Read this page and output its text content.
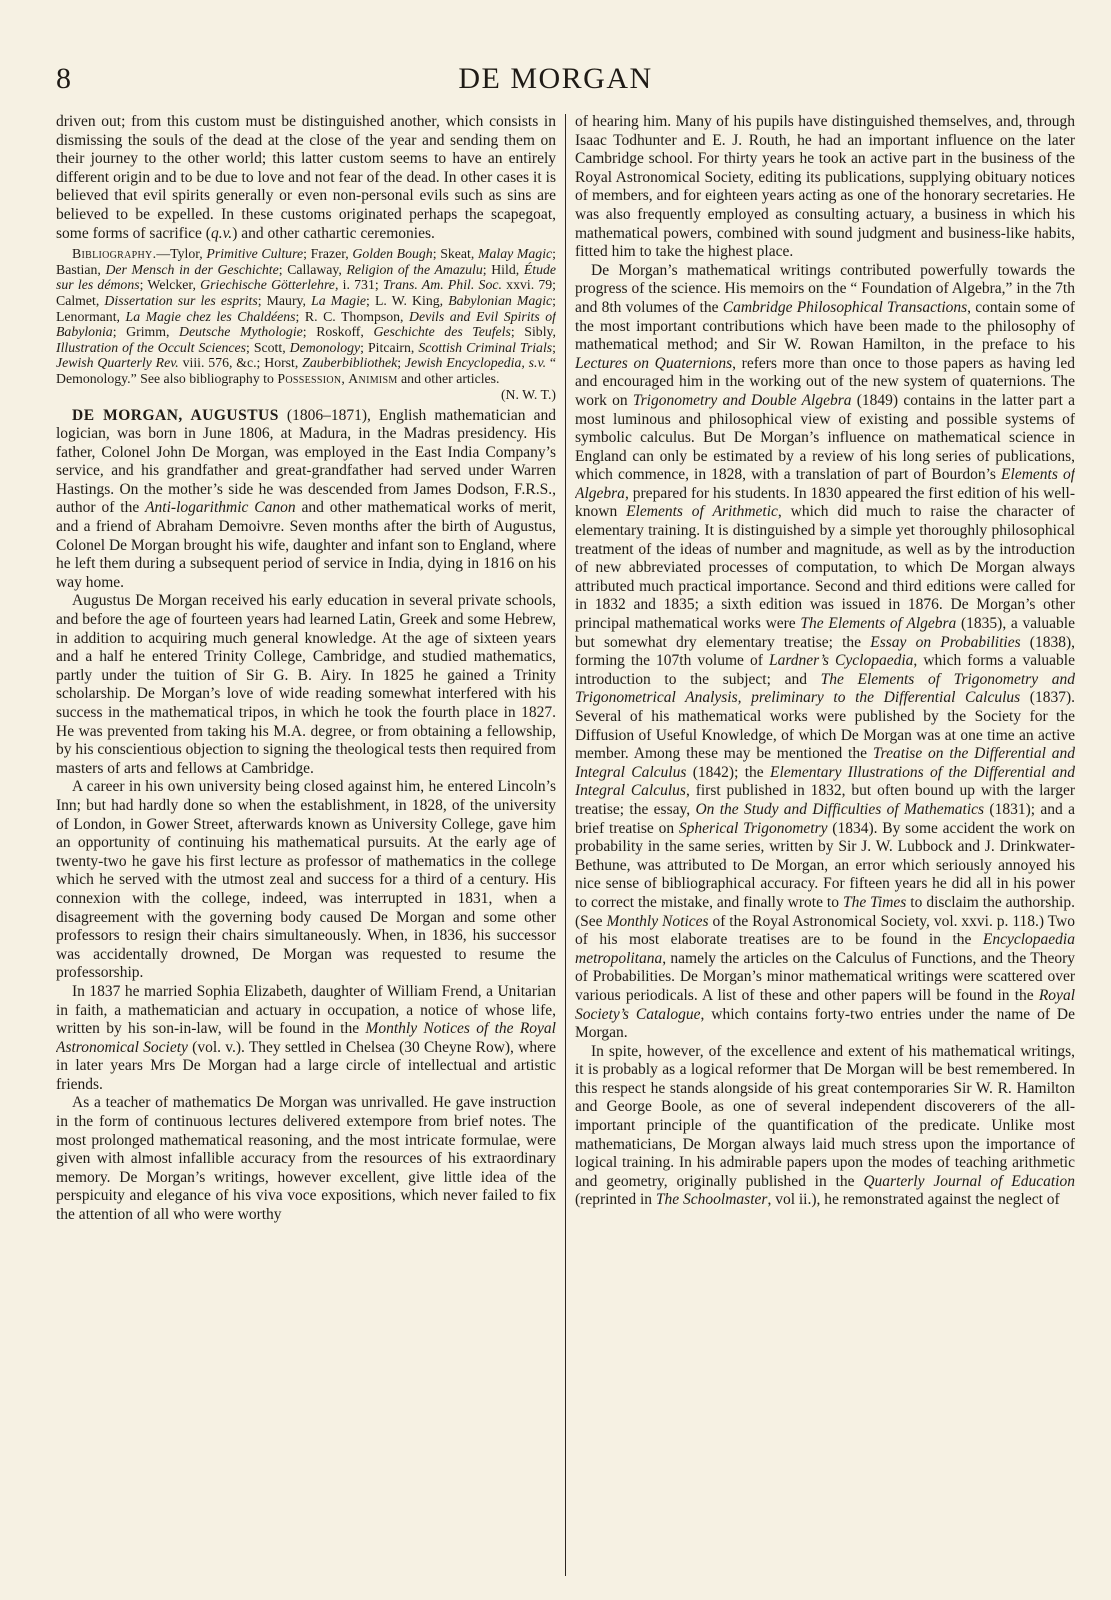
8	DE MORGAN

driven out; from this custom must be distinguished another, which consists in dismissing the souls of the dead at the close of the year and sending them on their journey to the other world; this latter custom seems to have an entirely different origin and to be due to love and not fear of the dead. In other cases it is believed that evil spirits generally or even non-personal evils such as sins are believed to be expelled. In these customs originated perhaps the scapegoat, some forms of sacrifice (q.v.) and other cathartic ceremonies.

Bibliography.—Tylor, Primitive Culture; Frazer, Golden Bough; Skeat, Malay Magic; Bastian, Der Mensch in der Geschichte; Callaway, Religion of the Amazulu; Hild, Étude sur les démons; Welcker, Griechische Götterlehre, i. 731; Trans. Am. Phil. Soc. xxvi. 79; Calmet, Dissertation sur les esprits; Maury, La Magie; L. W. King, Babylonian Magic; Lenormant, La Magie chez les Chaldéens; R. C. Thompson, Devils and Evil Spirits of Babylonia; Grimm, Deutsche Mythologie; Roskoff, Geschichte des Teufels; Sibly, Illustration of the Occult Sciences; Scott, Demonology; Pitcairn, Scottish Criminal Trials; Jewish Quarterly Rev. viii. 576, &c.; Horst, Zauberbibliothek; Jewish Encyclopedia, s.v. “ Demonology.” See also bibliography to Possession, Animism and other articles.

(N. W. T.)

DE MORGAN, AUGUSTUS (1806–1871), English mathematician and logician, was born in June 1806, at Madura, in the Madras presidency. His father, Colonel John De Morgan, was employed in the East India Company’s service, and his grandfather and great-grandfather had served under Warren Hastings. On the mother’s side he was descended from James Dodson, F.R.S., author of the Anti-logarithmic Canon and other mathematical works of merit, and a friend of Abraham Demoivre. Seven months after the birth of Augustus, Colonel De Morgan brought his wife, daughter and infant son to England, where he left them during a subsequent period of service in India, dying in 1816 on his way home.

Augustus De Morgan received his early education in several private schools, and before the age of fourteen years had learned Latin, Greek and some Hebrew, in addition to acquiring much general knowledge. At the age of sixteen years and a half he entered Trinity College, Cambridge, and studied mathematics, partly under the tuition of Sir G. B. Airy. In 1825 he gained a Trinity scholarship. De Morgan’s love of wide reading somewhat interfered with his success in the mathematical tripos, in which he took the fourth place in 1827. He was prevented from taking his M.A. degree, or from obtaining a fellowship, by his conscientious objection to signing the theological tests then required from masters of arts and fellows at Cambridge.

A career in his own university being closed against him, he entered Lincoln’s Inn; but had hardly done so when the establishment, in 1828, of the university of London, in Gower Street, afterwards known as University College, gave him an opportunity of continuing his mathematical pursuits. At the early age of twenty-two he gave his first lecture as professor of mathematics in the college which he served with the utmost zeal and success for a third of a century. His connexion with the college, indeed, was interrupted in 1831, when a disagreement with the governing body caused De Morgan and some other professors to resign their chairs simultaneously. When, in 1836, his successor was accidentally drowned, De Morgan was requested to resume the professorship.

In 1837 he married Sophia Elizabeth, daughter of William Frend, a Unitarian in faith, a mathematician and actuary in occupation, a notice of whose life, written by his son-in-law, will be found in the Monthly Notices of the Royal Astronomical Society (vol. v.). They settled in Chelsea (30 Cheyne Row), where in later years Mrs De Morgan had a large circle of intellectual and artistic friends.

As a teacher of mathematics De Morgan was unrivalled. He gave instruction in the form of continuous lectures delivered extempore from brief notes. The most prolonged mathematical reasoning, and the most intricate formulae, were given with almost infallible accuracy from the resources of his extraordinary memory. De Morgan’s writings, however excellent, give little idea of the perspicuity and elegance of his viva voce expositions, which never failed to fix the attention of all who were worthy

of hearing him. Many of his pupils have distinguished themselves, and, through Isaac Todhunter and E. J. Routh, he had an important influence on the later Cambridge school. For thirty years he took an active part in the business of the Royal Astronomical Society, editing its publications, supplying obituary notices of members, and for eighteen years acting as one of the honorary secretaries. He was also frequently employed as consulting actuary, a business in which his mathematical powers, combined with sound judgment and business-like habits, fitted him to take the highest place.

De Morgan’s mathematical writings contributed powerfully towards the progress of the science. His memoirs on the “ Foundation of Algebra,” in the 7th and 8th volumes of the Cambridge Philosophical Transactions, contain some of the most important contributions which have been made to the philosophy of mathematical method; and Sir W. Rowan Hamilton, in the preface to his Lectures on Quaternions, refers more than once to those papers as having led and encouraged him in the working out of the new system of quaternions. The work on Trigonometry and Double Algebra (1849) contains in the latter part a most luminous and philosophical view of existing and possible systems of symbolic calculus. But De Morgan’s influence on mathematical science in England can only be estimated by a review of his long series of publications, which commence, in 1828, with a translation of part of Bourdon’s Elements of Algebra, prepared for his students. In 1830 appeared the first edition of his well-known Elements of Arithmetic, which did much to raise the character of elementary training. It is distinguished by a simple yet thoroughly philosophical treatment of the ideas of number and magnitude, as well as by the introduction of new abbreviated processes of computation, to which De Morgan always attributed much practical importance. Second and third editions were called for in 1832 and 1835; a sixth edition was issued in 1876. De Morgan’s other principal mathematical works were The Elements of Algebra (1835), a valuable but somewhat dry elementary treatise; the Essay on Probabilities (1838), forming the 107th volume of Lardner’s Cyclopaedia, which forms a valuable introduction to the subject; and The Elements of Trigonometry and Trigonometrical Analysis, preliminary to the Differential Calculus (1837). Several of his mathematical works were published by the Society for the Diffusion of Useful Knowledge, of which De Morgan was at one time an active member. Among these may be mentioned the Treatise on the Differential and Integral Calculus (1842); the Elementary Illustrations of the Differential and Integral Calculus, first published in 1832, but often bound up with the larger treatise; the essay, On the Study and Difficulties of Mathematics (1831); and a brief treatise on Spherical Trigonometry (1834). By some accident the work on probability in the same series, written by Sir J. W. Lubbock and J. Drinkwater-Bethune, was attributed to De Morgan, an error which seriously annoyed his nice sense of bibliographical accuracy. For fifteen years he did all in his power to correct the mistake, and finally wrote to The Times to disclaim the authorship. (See Monthly Notices of the Royal Astronomical Society, vol. xxvi. p. 118.) Two of his most elaborate treatises are to be found in the Encyclopaedia metropolitana, namely the articles on the Calculus of Functions, and the Theory of Probabilities. De Morgan’s minor mathematical writings were scattered over various periodicals. A list of these and other papers will be found in the Royal Society’s Catalogue, which contains forty-two entries under the name of De Morgan.

In spite, however, of the excellence and extent of his mathematical writings, it is probably as a logical reformer that De Morgan will be best remembered. In this respect he stands alongside of his great contemporaries Sir W. R. Hamilton and George Boole, as one of several independent discoverers of the all-important principle of the quantification of the predicate. Unlike most mathematicians, De Morgan always laid much stress upon the importance of logical training. In his admirable papers upon the modes of teaching arithmetic and geometry, originally published in the Quarterly Journal of Education (reprinted in The Schoolmaster, vol ii.), he remonstrated against the neglect of
